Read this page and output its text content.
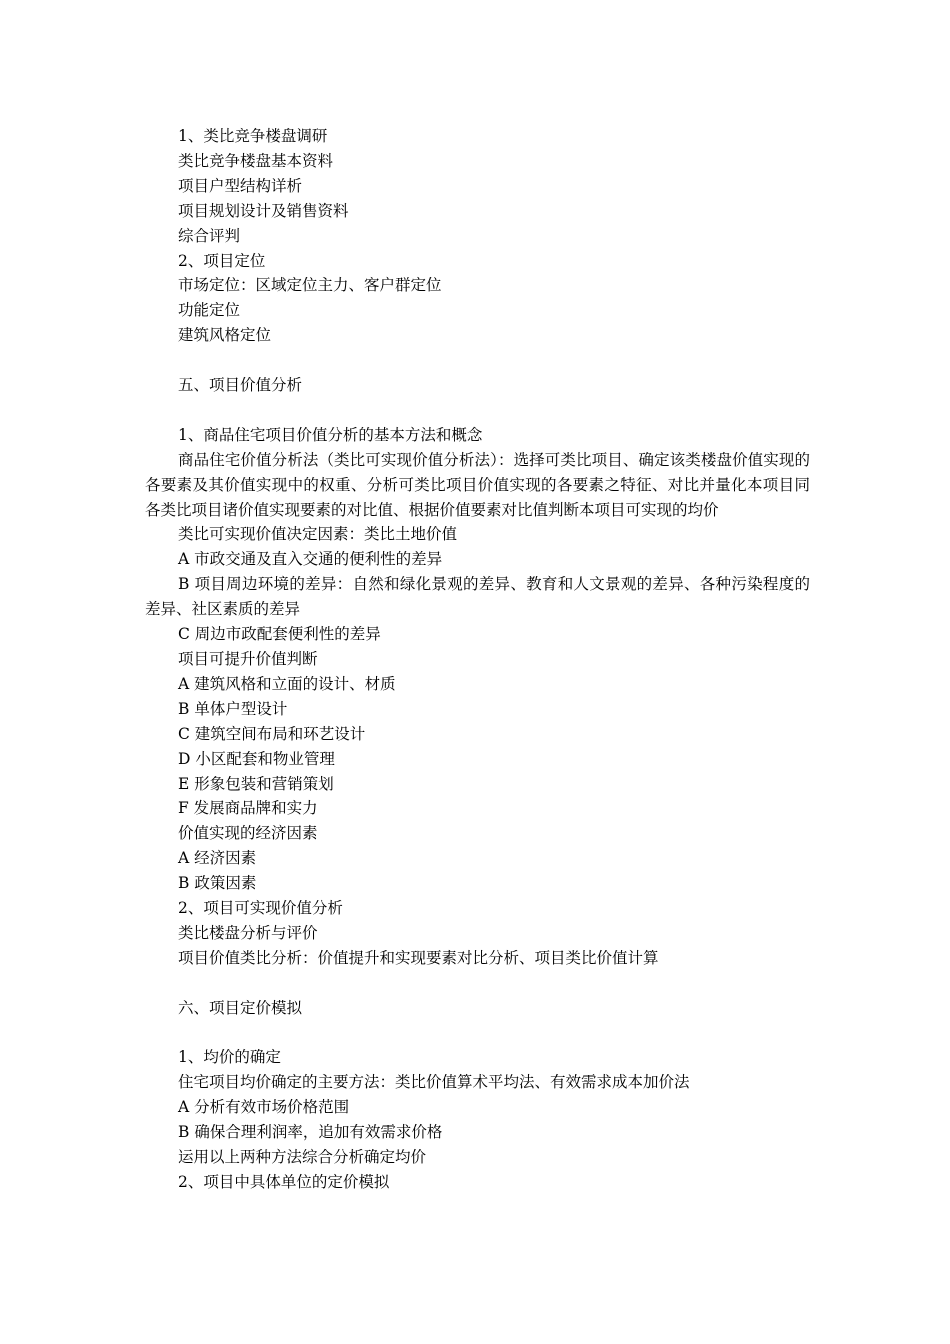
1、类比竞争楼盘调研
类比竞争楼盘基本资料
项目户型结构详析
项目规划设计及销售资料
综合评判
2、项目定位
市场定位：区域定位主力、客户群定位
功能定位
建筑风格定位
五、项目价值分析
1、商品住宅项目价值分析的基本方法和概念
商品住宅价值分析法（类比可实现价值分析法）：选择可类比项目、确定该类楼盘价值实现的各要素及其价值实现中的权重、分析可类比项目价值实现的各要素之特征、对比并量化本项目同各类比项目诸价值实现要素的对比值、根据价值要素对比值判断本项目可实现的均价
类比可实现价值决定因素：类比土地价值
A 市政交通及直入交通的便利性的差异
B 项目周边环境的差异：自然和绿化景观的差异、教育和人文景观的差异、各种污染程度的差异、社区素质的差异
C 周边市政配套便利性的差异
项目可提升价值判断
A 建筑风格和立面的设计、材质
B 单体户型设计
C 建筑空间布局和环艺设计
D 小区配套和物业管理
E 形象包装和营销策划
F 发展商品牌和实力
价值实现的经济因素
A 经济因素
B 政策因素
2、项目可实现价值分析
类比楼盘分析与评价
项目价值类比分析：价值提升和实现要素对比分析、项目类比价值计算
六、项目定价模拟
1、均价的确定
住宅项目均价确定的主要方法：类比价值算术平均法、有效需求成本加价法
A 分析有效市场价格范围
B 确保合理利润率，追加有效需求价格
运用以上两种方法综合分析确定均价
2、项目中具体单位的定价模拟
